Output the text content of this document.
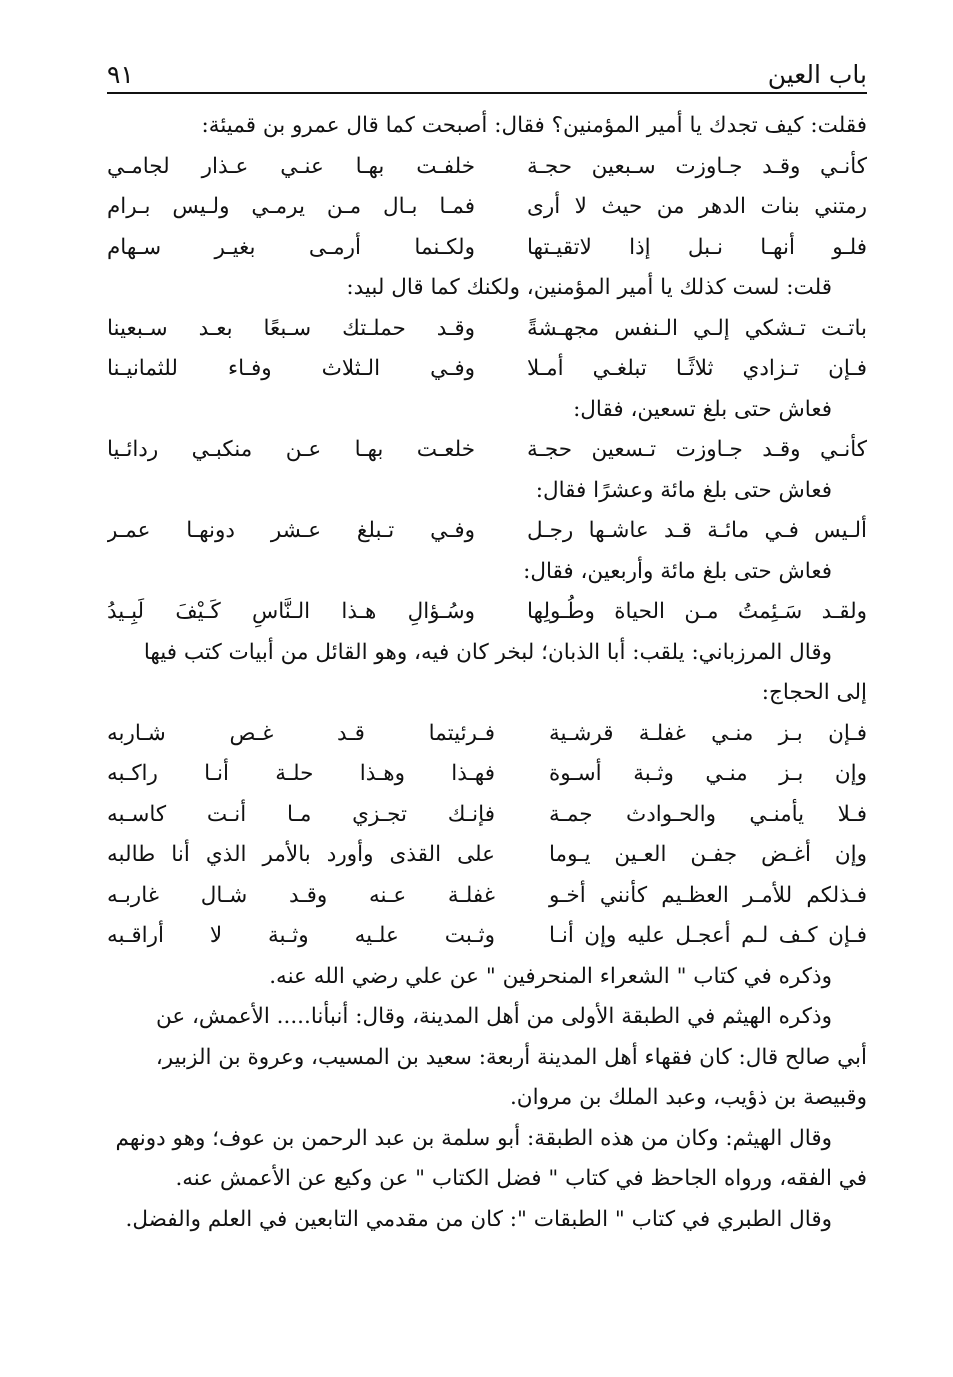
باب العين
٩١
فقلت: كيف تجدك يا أمير المؤمنين؟ فقال: أصبحت كما قال عمرو بن قميئة:
كأنـي وقـد جـاوزت سـبعين حجـة
خلفـت بهـا عنـي عـذار لجامـي
رمتني بنات الدهر من حيث لا أرى
فمـا بـال مـن يرمـي ولـيس بـرام
فلـو أنهـا نـبل إذا لاتقيـتها
ولكـنما أرمـى بغيـر سـهام
قلت: لست كذلك يا أمير المؤمنين، ولكنك كما قال لبيد:
باتـت تـشكي إلـي الـنفس مجهـشةً
وقـد حملـتك سـبعًا بعـد سـبعينا
فـإن تـزادي ثلاثًـا تبلغـي أمـلا
وفـي الـثلاث وفـاء للثمانيـنا
فعاش حتى بلغ تسعين، فقال:
كأنـي وقـد جـاوزت تـسعين حجـة
خلعـت بهـا عـن منكبـي ردائـيا
فعاش حتى بلغ مائة وعشرًا فقال:
ألـيس فـي مائـة قـد عاشـها رجـل
وفـي تـبلغ عـشر دونهـا عمـر
فعاش حتى بلغ مائة وأربعين، فقال:
ولقـد سَـئِمتُ مـن الحياة وطُـولِها
وسُـؤالِ هـذا الـنَّاسِ كَـيْفَ لَبِـيدُ
وقال المرزباني: يلقب: أبا الذبان؛ لبخر كان فيه، وهو القائل من أبيات كتب فيها
إلى الحجاج:
فـإن بـز منـي غفلـة قرشـية
فـرئيتما قـد غـص شـاربه
وإن بـز منـي وثـبة أسـوة
فهـذا وهـذا حلـة أنـا راكـبه
فـلا يأمنـي والحـوادث جمـة
فإنـك تجـزي مـا أنـت كاسـبه
وإن أغـض جفـن العـين يـوما
على القذى وأورد بالأمر الذي أنا طالبه
فـذلكم للأمـر العظـيم كأنني أخـو
غفلـة عـنه وقـد شـال غاربـه
فـإن كـف لـم أعجـل عليه وإن أنـا
وثـبت علـيه وثـبة لا أراقـبه
وذكره في كتاب " الشعراء المنحرفين " عن علي رضي الله عنه.
وذكره الهيثم في الطبقة الأولى من أهل المدينة، وقال: أنبأنا..... الأعمش، عن
أبي صالح قال: كان فقهاء أهل المدينة أربعة: سعيد بن المسيب، وعروة بن الزبير،
وقبيصة بن ذؤيب، وعبد الملك بن مروان.
وقال الهيثم: وكان من هذه الطبقة: أبو سلمة بن عبد الرحمن بن عوف؛ وهو دونهم
في الفقه، ورواه الجاحظ في كتاب " فضل الكتاب " عن وكيع عن الأعمش عنه.
وقال الطبري في كتاب " الطبقات ": كان من مقدمي التابعين في العلم والفضل.
